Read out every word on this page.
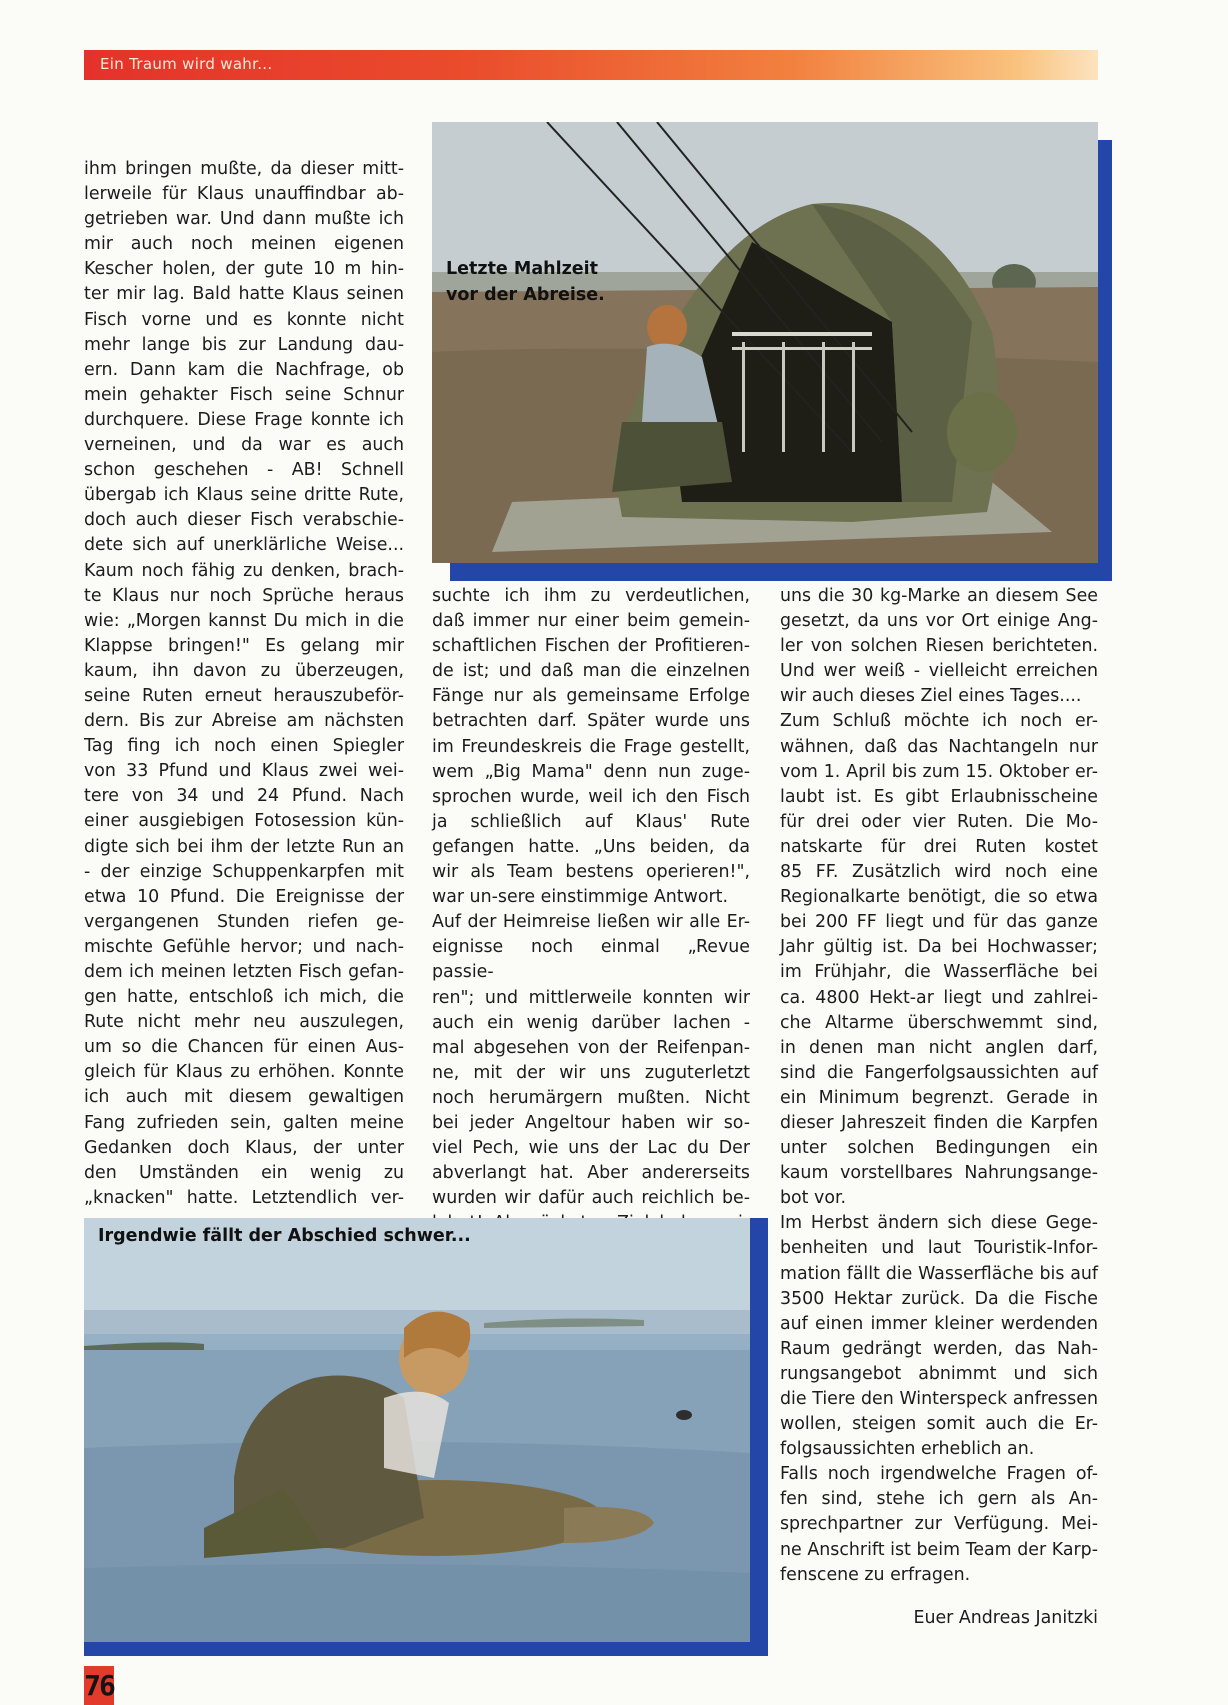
Ein Traum wird wahr...

ihm bringen mußte, da dieser mitt-

lerweile für Klaus unauffindbar ab-

getrieben war. Und dann mußte ich

mir auch noch meinen eigenen

Kescher holen, der gute 10 m hin-

ter mir lag. Bald hatte Klaus seinen

Fisch vorne und es konnte nicht

mehr lange bis zur Landung dau-

ern. Dann kam die Nachfrage, ob

mein gehakter Fisch seine Schnur

durchquere. Diese Frage konnte ich

verneinen, und da war es auch

schon geschehen - AB! Schnell

übergab ich Klaus seine dritte Rute,

doch auch dieser Fisch verabschie-

dete sich auf unerklärliche Weise...

Kaum noch fähig zu denken, brach-

te Klaus nur noch Sprüche heraus

wie: „Morgen kannst Du mich in die

Klappse bringen!" Es gelang mir

kaum, ihn davon zu überzeugen,

seine Ruten erneut herauszubeför-

dern. Bis zur Abreise am nächsten

Tag fing ich noch einen Spiegler

von 33 Pfund und Klaus zwei wei-

tere von 34 und 24 Pfund. Nach

einer ausgiebigen Fotosession kün-

digte sich bei ihm der letzte Run an

- der einzige Schuppenkarpfen mit

etwa 10 Pfund. Die Ereignisse der

vergangenen Stunden riefen ge-

mischte Gefühle hervor; und nach-

dem ich meinen letzten Fisch gefan-

gen hatte, entschloß ich mich, die

Rute nicht mehr neu auszulegen,

um so die Chancen für einen Aus-

gleich für Klaus zu erhöhen. Konnte

ich auch mit diesem gewaltigen

Fang zufrieden sein, galten meine

Gedanken doch Klaus, der unter

den Umständen ein wenig zu

„knacken" hatte. Letztendlich ver-

suchte ich ihm zu verdeutlichen,

daß immer nur einer beim gemein-

schaftlichen Fischen der Profitieren-

de ist; und daß man die einzelnen

Fänge nur als gemeinsame Erfolge

betrachten darf. Später wurde uns

im Freundeskreis die Frage gestellt,

wem „Big Mama" denn nun zuge-

sprochen wurde, weil ich den Fisch

ja schließlich auf Klaus' Rute

gefangen hatte. „Uns beiden, da

wir als Team bestens operieren!",

war un-sere einstimmige Antwort.

Auf der Heimreise ließen wir alle Er-

eignisse noch einmal „Revue passie-

ren"; und mittlerweile konnten wir

auch ein wenig darüber lachen -

mal abgesehen von der Reifenpan-

ne, mit der wir uns zuguterletzt

noch herumärgern mußten. Nicht

bei jeder Angeltour haben wir so-

viel Pech, wie uns der Lac du Der

abverlangt hat. Aber andererseits

wurden wir dafür auch reichlich be-

uns die 30 kg-Marke an diesem See

gesetzt, da uns vor Ort einige Ang-

ler von solchen Riesen berichteten.

Und wer weiß - vielleicht erreichen

wir auch dieses Ziel eines Tages....

Zum Schluß möchte ich noch er-

wähnen, daß das Nachtangeln nur

vom 1. April bis zum 15. Oktober er-

laubt ist. Es gibt Erlaubnisscheine

für drei oder vier Ruten. Die Mo-

natskarte für drei Ruten kostet

85 FF. Zusätzlich wird noch eine

Regionalkarte benötigt, die so etwa

bei 200 FF liegt und für das ganze

Jahr gültig ist. Da bei Hochwasser;

im Frühjahr, die Wasserfläche bei

ca. 4800 Hekt-ar liegt und zahlrei-

che Altarme überschwemmt sind,

in denen man nicht anglen darf,

sind die Fangerfolgsaussichten auf

ein Minimum begrenzt. Gerade in

dieser Jahreszeit finden die Karpfen

unter solchen Bedingungen ein

kaum vorstellbares Nahrungsange-

bot vor.

Im Herbst ändern sich diese Gege-

benheiten und laut Touristik-Infor-

mation fällt die Wasserfläche bis auf

3500 Hektar zurück. Da die Fische

auf einen immer kleiner werdenden

Raum gedrängt werden, das Nah-

rungsangebot abnimmt und sich

die Tiere den Winterspeck anfressen

wollen, steigen somit auch die Er-

folgsaussichten erheblich an.

Falls noch irgendwelche Fragen of-

fen sind, stehe ich gern als An-

sprechpartner zur Verfügung. Mei-

ne Anschrift ist beim Team der Karp-

fenscene zu erfragen.

Letzte Mahlzeit
vor der Abreise.
Irgendwie fällt der Abschied schwer...
Euer Andreas Janitzki
76
